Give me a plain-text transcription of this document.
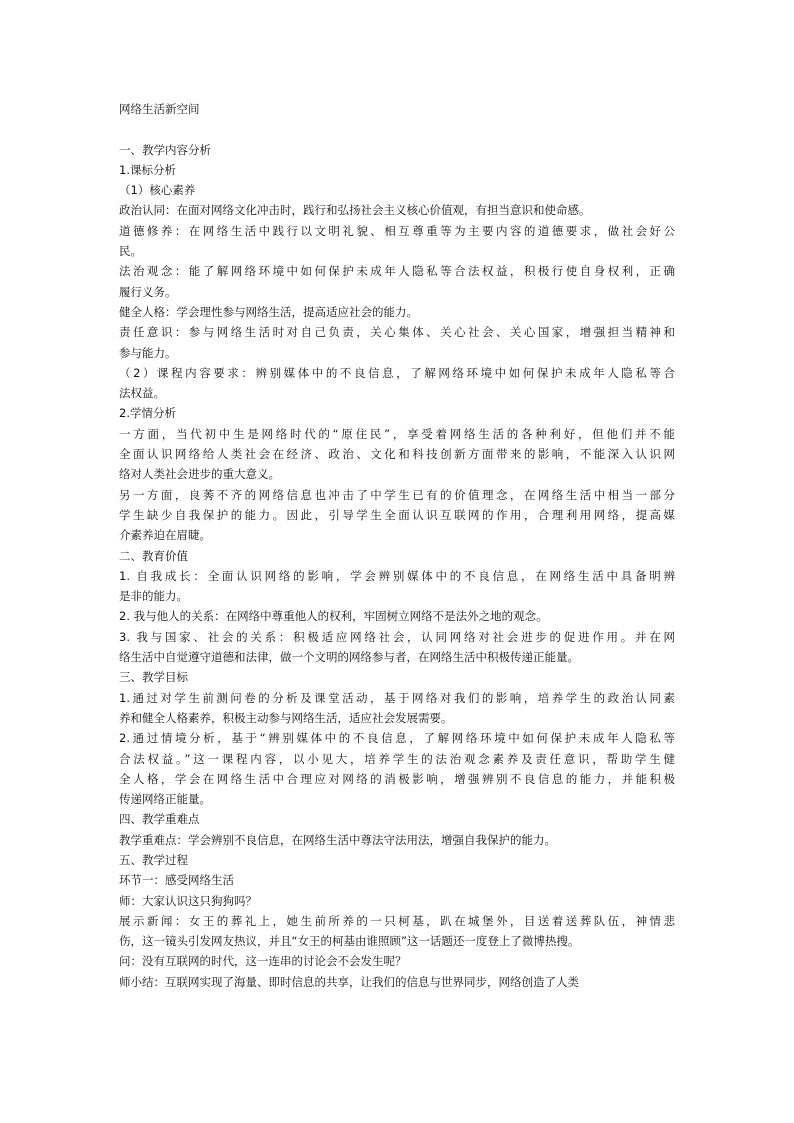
网络生活新空间
一、教学内容分析
1.课标分析
（1）核心素养
政治认同：在面对网络文化冲击时，践行和弘扬社会主义核心价值观，有担当意识和使命感。
道德修养：在网络生活中践行以文明礼貌、相互尊重等为主要内容的道德要求，做社会好公
民。
法治观念：能了解网络环境中如何保护未成年人隐私等合法权益，积极行使自身权利，正确
履行义务。
健全人格：学会理性参与网络生活，提高适应社会的能力。
责任意识：参与网络生活时对自己负责，关心集体、关心社会、关心国家，增强担当精神和
参与能力。
（2）课程内容要求：辨别媒体中的不良信息，了解网络环境中如何保护未成年人隐私等合
法权益。
2.学情分析
一方面，当代初中生是网络时代的“原住民”，享受着网络生活的各种利好，但他们并不能
全面认识网络给人类社会在经济、政治、文化和科技创新方面带来的影响，不能深入认识网
络对人类社会进步的重大意义。
另一方面，良莠不齐的网络信息也冲击了中学生已有的价值理念，在网络生活中相当一部分
学生缺少自我保护的能力。因此，引导学生全面认识互联网的作用，合理利用网络，提高媒
介素养迫在眉睫。
二、教育价值
1. 自我成长：全面认识网络的影响，学会辨别媒体中的不良信息，在网络生活中具备明辨
是非的能力。
2. 我与他人的关系：在网络中尊重他人的权利，牢固树立网络不是法外之地的观念。
3. 我与国家、社会的关系：积极适应网络社会，认同网络对社会进步的促进作用。并在网
络生活中自觉遵守道德和法律，做一个文明的网络参与者，在网络生活中积极传递正能量。
三、教学目标
1.通过对学生前测问卷的分析及课堂活动，基于网络对我们的影响，培养学生的政治认同素
养和健全人格素养，积极主动参与网络生活，适应社会发展需要。
2.通过情境分析，基于“辨别媒体中的不良信息，了解网络环境中如何保护未成年人隐私等
合法权益。”这一课程内容，以小见大，培养学生的法治观念素养及责任意识，帮助学生健
全人格，学会在网络生活中合理应对网络的消极影响，增强辨别不良信息的能力，并能积极
传递网络正能量。
四、教学重难点
教学重难点：学会辨别不良信息，在网络生活中尊法守法用法，增强自我保护的能力。
五、教学过程
环节一：感受网络生活
师：大家认识这只狗狗吗？
展示新闻：女王的葬礼上，她生前所养的一只柯基，趴在城堡外，目送着送葬队伍，神情悲
伤，这一镜头引发网友热议，并且“女王的柯基由谁照顾”这一话题还一度登上了微博热搜。
问：没有互联网的时代，这一连串的讨论会不会发生呢？
师小结：互联网实现了海量、即时信息的共享，让我们的信息与世界同步，网络创造了人类
